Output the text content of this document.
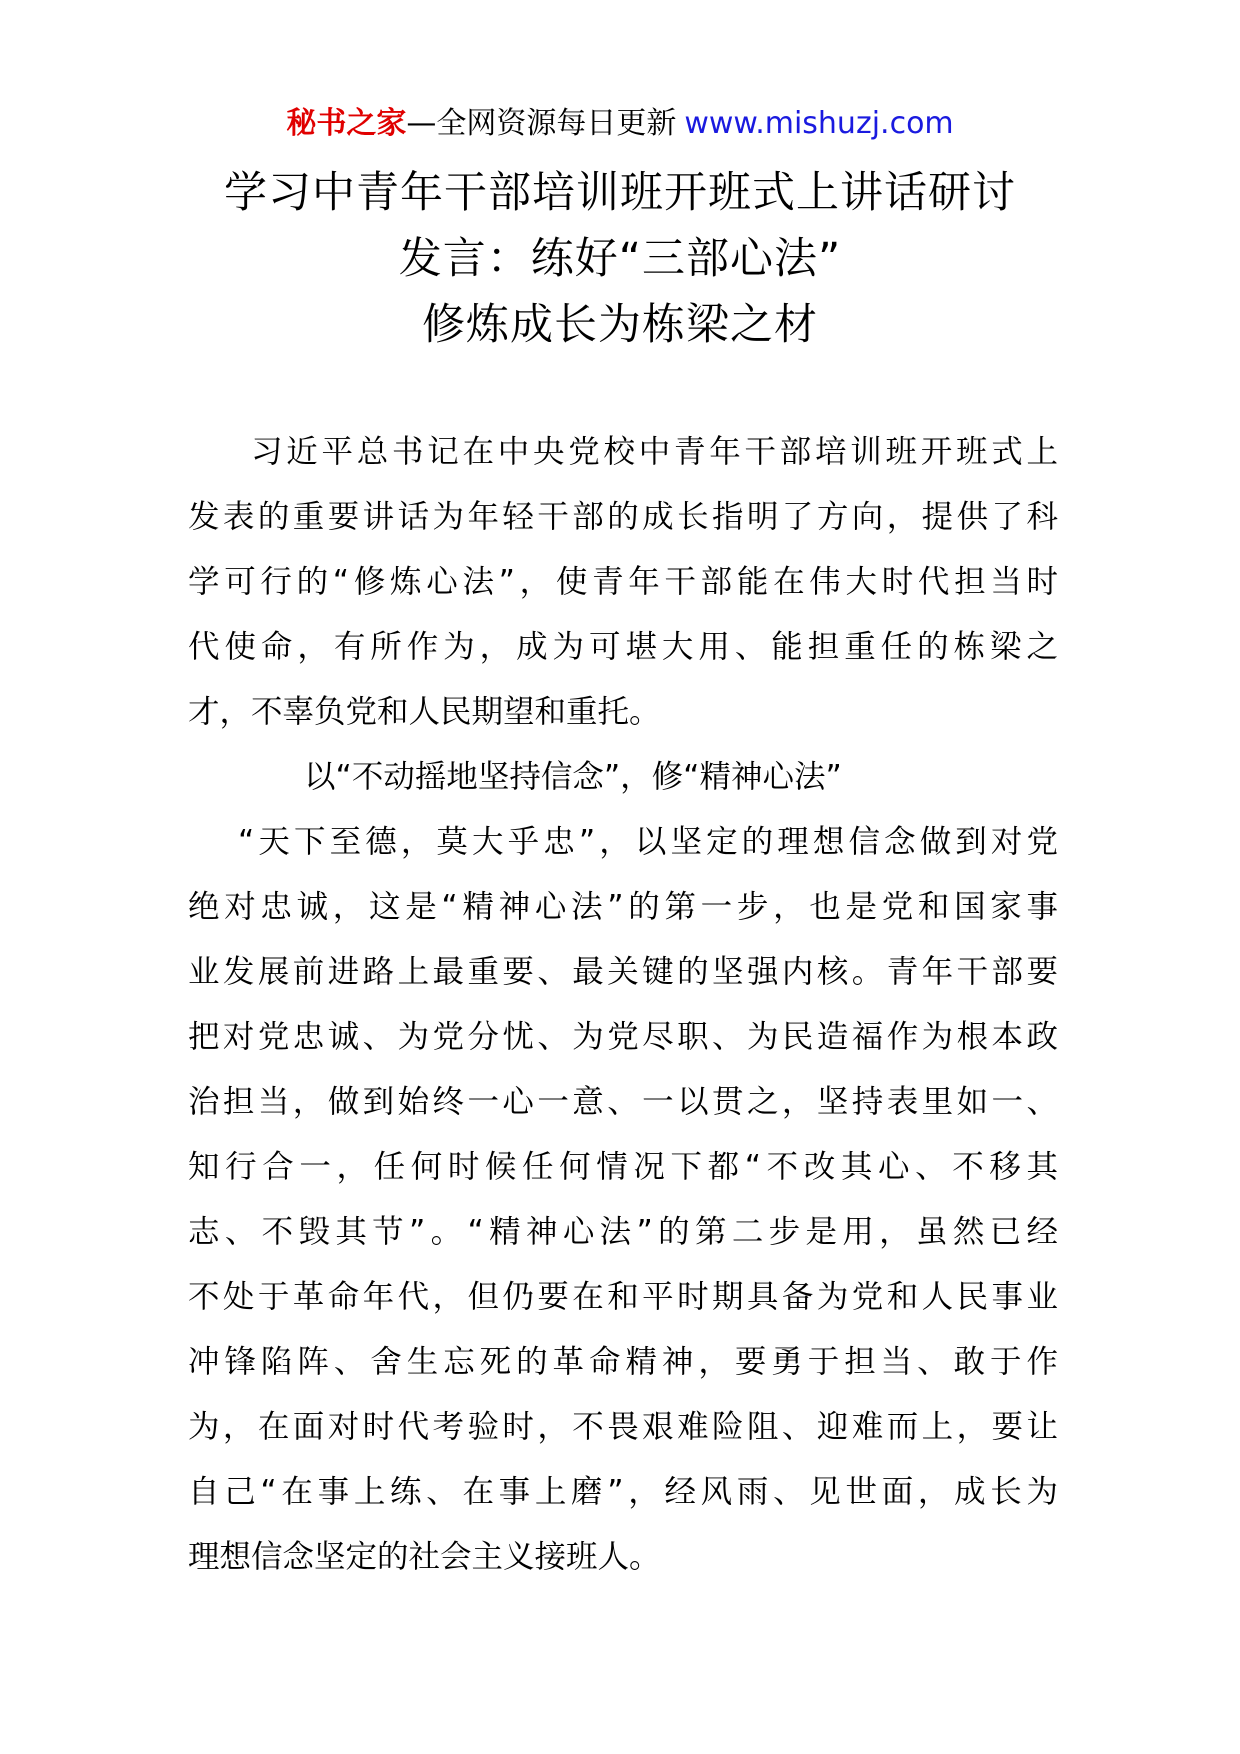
秘书之家—全网资源每日更新 www.mishuzj.com
学习中青年干部培训班开班式上讲话研讨
发言：练好“三部心法”
修炼成长为栋梁之材
习近平总书记在中央党校中青年干部培训班开班式上
发表的重要讲话为年轻干部的成长指明了方向，提供了科
学可行的“修炼心法”，使青年干部能在伟大时代担当时
代使命，有所作为，成为可堪大用、能担重任的栋梁之
才，不辜负党和人民期望和重托。
以“不动摇地坚持信念”，修“精神心法”
“天下至德，莫大乎忠”，以坚定的理想信念做到对党
绝对忠诚，这是“精神心法”的第一步，也是党和国家事
业发展前进路上最重要、最关键的坚强内核。青年干部要
把对党忠诚、为党分忧、为党尽职、为民造福作为根本政
治担当，做到始终一心一意、一以贯之，坚持表里如一、
知行合一，任何时候任何情况下都“不改其心、不移其
志、不毁其节”。“精神心法”的第二步是用，虽然已经
不处于革命年代，但仍要在和平时期具备为党和人民事业
冲锋陷阵、舍生忘死的革命精神，要勇于担当、敢于作
为，在面对时代考验时，不畏艰难险阻、迎难而上，要让
自己“在事上练、在事上磨”，经风雨、见世面，成长为
理想信念坚定的社会主义接班人。
